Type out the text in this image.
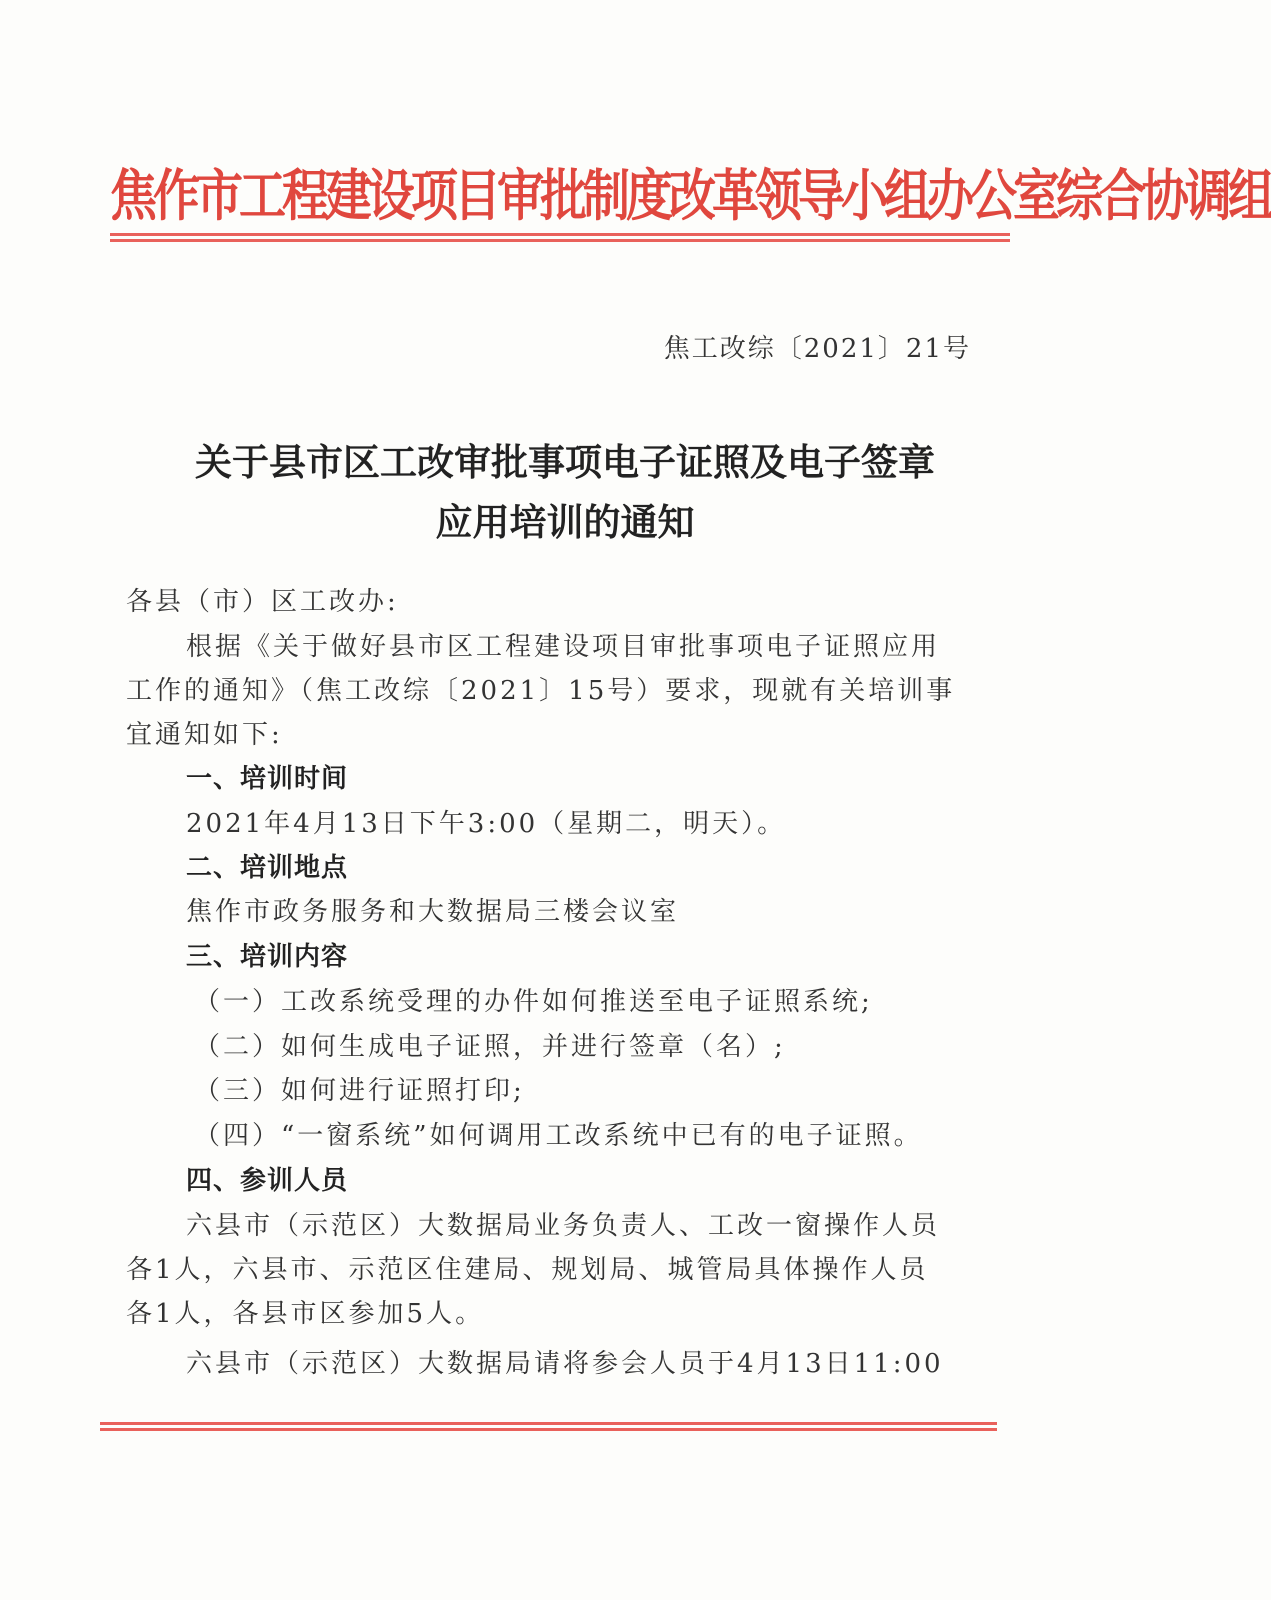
焦作市工程建设项目审批制度改革领导小组办公室综合协调组
焦工改综〔2021〕21号
关于县市区工改审批事项电子证照及电子签章
应用培训的通知
各县（市）区工改办:
根据《关于做好县市区工程建设项目审批事项电子证照应用
工作的通知》（焦工改综〔2021〕15号）要求，现就有关培训事
宜通知如下:
一、培训时间
2021年4月13日下午3:00（星期二，明天）。
二、培训地点
焦作市政务服务和大数据局三楼会议室
三、培训内容
（一）工改系统受理的办件如何推送至电子证照系统;
（二）如何生成电子证照，并进行签章（名）;
（三）如何进行证照打印;
（四）“一窗系统”如何调用工改系统中已有的电子证照。
四、参训人员
六县市（示范区）大数据局业务负责人、工改一窗操作人员
各1人，六县市、示范区住建局、规划局、城管局具体操作人员
各1人，各县市区参加5人。
六县市（示范区）大数据局请将参会人员于4月13日11:00
